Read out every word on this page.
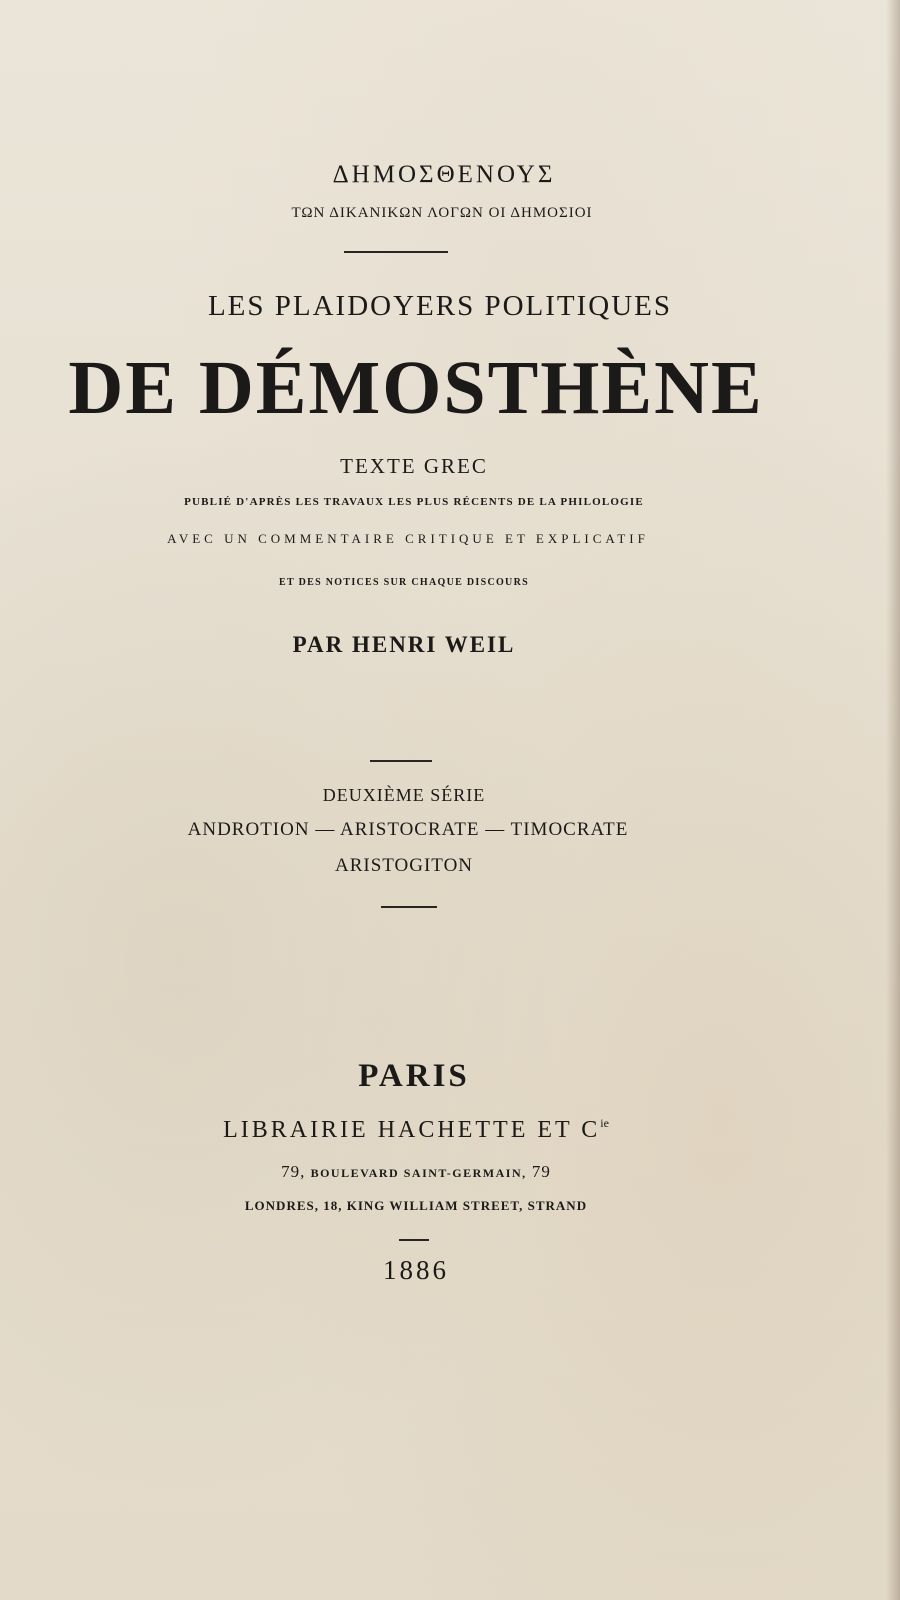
ΔΗΜΟΣΘΕΝΟΥΣ
ΤΩΝ ΔΙΚΑΝΙΚΩΝ ΛΟΓΩΝ ΟΙ ΔΗΜΟΣΙΟΙ
LES PLAIDOYERS POLITIQUES
DE DÉMOSTHÈNE
TEXTE GREC
PUBLIÉ D'APRÈS LES TRAVAUX LES PLUS RÉCENTS DE LA PHILOLOGIE
AVEC UN COMMENTAIRE CRITIQUE ET EXPLICATIF
ET DES NOTICES SUR CHAQUE DISCOURS
PAR HENRI WEIL
DEUXIÈME SÉRIE
ANDROTION — ARISTOCRATE — TIMOCRATE
ARISTOGITON
PARIS
LIBRAIRIE HACHETTE ET $C^{ie}$
79, BOULEVARD SAINT-GERMAIN, 79
LONDRES, 18, KING WILLIAM STREET, STRAND
1886
